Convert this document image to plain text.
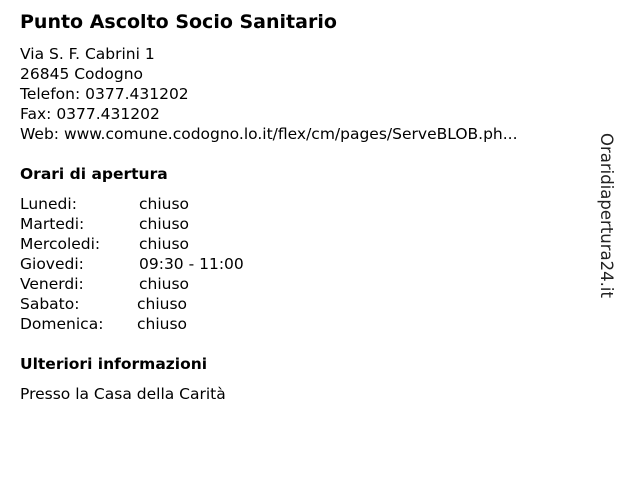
Punto Ascolto Socio Sanitario
Via S. F. Cabrini 1
26845 Codogno
Telefon: 0377.431202
Fax: 0377.431202
Web: www.comune.codogno.lo.it/flex/cm/pages/ServeBLOB.ph...
Orari di apertura
Lunedi:	chiuso
Martedi:	chiuso
Mercoledi:	chiuso
Giovedi:	09:30 - 11:00
Venerdi:	chiuso
Sabato:	chiuso
Domenica: chiuso
Ulteriori informazioni
Presso la Casa della Carità
Oraridiapertura24.it
